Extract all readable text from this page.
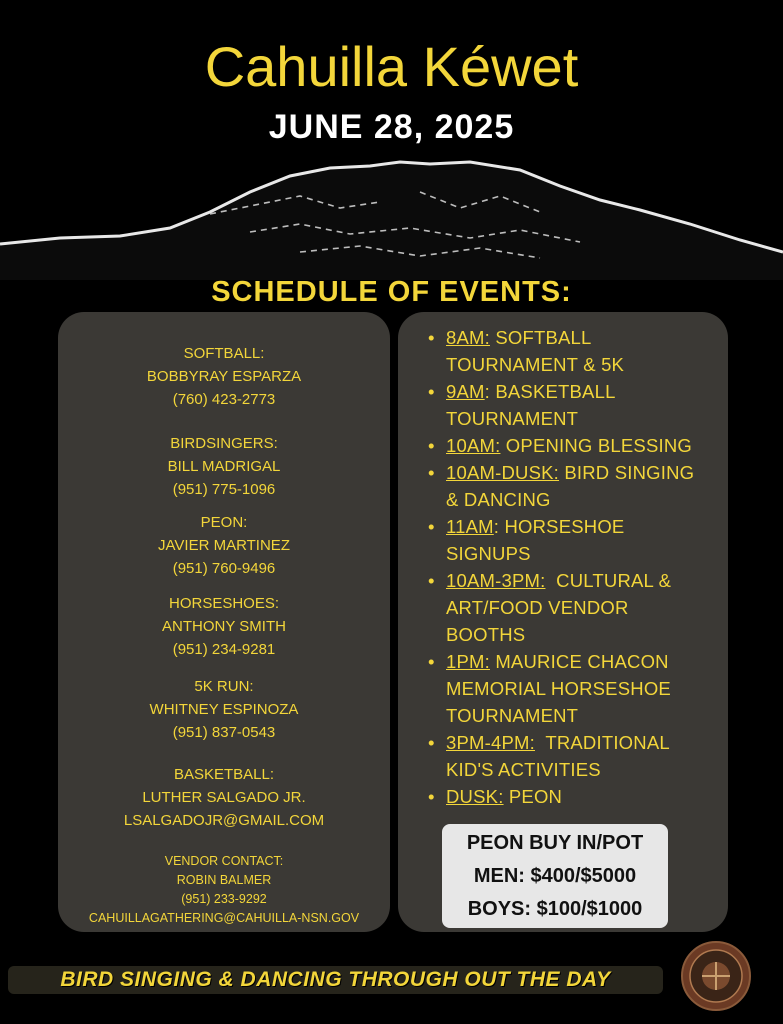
Cahuilla Kéwet
JUNE 28, 2025
SCHEDULE OF EVENTS:
SOFTBALL:
BOBBYRAY ESPARZA
(760) 423-2773
BIRDSINGERS:
BILL MADRIGAL
(951) 775-1096
PEON:
JAVIER MARTINEZ
(951) 760-9496
HORSESHOES:
ANTHONY SMITH
(951) 234-9281
5K RUN:
WHITNEY ESPINOZA
(951) 837-0543
BASKETBALL:
LUTHER SALGADO JR.
LSALGADOJR@GMAIL.COM
VENDOR CONTACT:
ROBIN BALMER
(951) 233-9292
CAHUILLAGATHERING@CAHUILLA-NSN.GOV
• 8AM: SOFTBALL
TOURNAMENT & 5K
• 9AM: BASKETBALL
TOURNAMENT
• 10AM: OPENING BLESSING
• 10AM-DUSK: BIRD SINGING
& DANCING
• 11AM: HORSESHOE
SIGNUPS
• 10AM-3PM:  CULTURAL &
ART/FOOD VENDOR
BOOTHS
• 1PM: MAURICE CHACON
MEMORIAL HORSESHOE
TOURNAMENT
• 3PM-4PM:  TRADITIONAL
KID'S ACTIVITIES
• DUSK: PEON
PEON BUY IN/POT
MEN: $400/$5000
BOYS: $100/$1000
BIRD SINGING & DANCING THROUGH OUT THE DAY
